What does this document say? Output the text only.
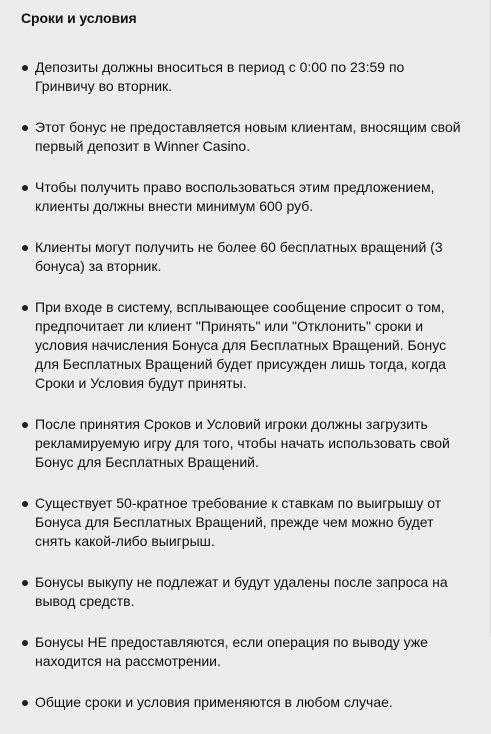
Сроки и условия
Депозиты должны вноситься в период с 0:00 по 23:59 по Гринвичу во вторник.
Этот бонус не предоставляется новым клиентам, вносящим свой первый депозит в Winner Casino.
Чтобы получить право воспользоваться этим предложением, клиенты должны внести минимум 600 руб.
Клиенты могут получить не более 60 бесплатных вращений (3 бонуса) за вторник.
При входе в систему, всплывающее сообщение спросит о том, предпочитает ли клиент "Принять" или "Отклонить" сроки и условия начисления Бонуса для Бесплатных Вращений. Бонус для Бесплатных Вращений будет присужден лишь тогда, когда Сроки и Условия будут приняты.
После принятия Сроков и Условий игроки должны загрузить рекламируемую игру для того, чтобы начать использовать свой Бонус для Бесплатных Вращений.
Существует 50-кратное требование к ставкам по выигрышу от Бонуса для Бесплатных Вращений, прежде чем можно будет снять какой-либо выигрыш.
Бонусы выкупу не подлежат и будут удалены после запроса на вывод средств.
Бонусы НЕ предоставляются, если операция по выводу уже находится на рассмотрении.
Общие сроки и условия применяются в любом случае.
